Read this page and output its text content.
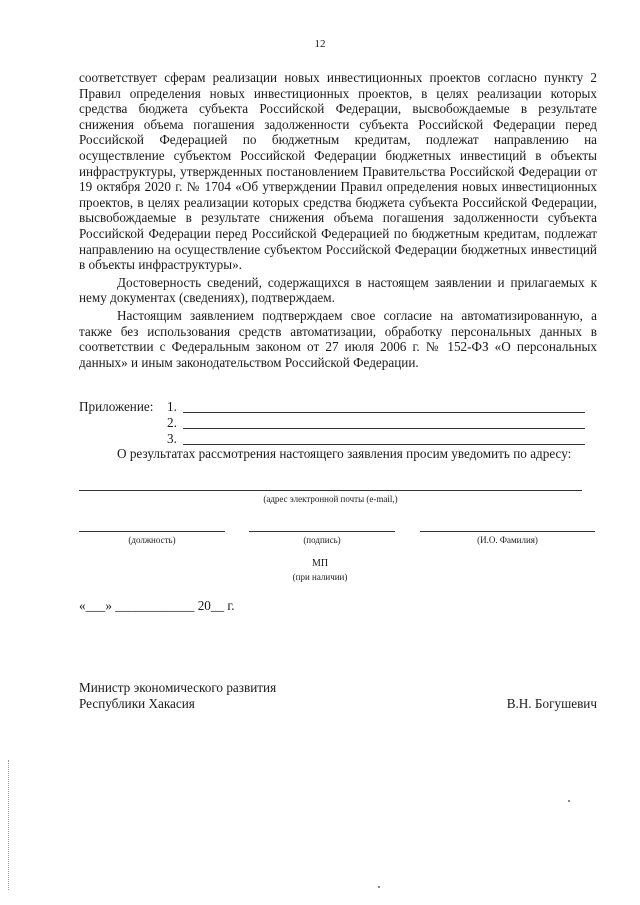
12

соответствует сферам реализации новых инвестиционных проектов согласно пункту 2 Правил определения новых инвестиционных проектов, в целях реализации которых средства бюджета субъекта Российской Федерации, высвобождаемые в результате снижения объема погашения задолженности субъекта Российской Федерации перед Российской Федерацией по бюджетным кредитам, подлежат направлению на осуществление субъектом Российской Федерации бюджетных инвестиций в объекты инфраструктуры, утвержденных постановлением Правительства Российской Федерации от 19 октября 2020 г. № 1704 «Об утверждении Правил определения новых инвестиционных проектов, в целях реализации которых средства бюджета субъекта Российской Федерации, высвобождаемые в результате снижения объема погашения задолженности субъекта Российской Федерации перед Российской Федерацией по бюджетным кредитам, подлежат направлению на осуществление субъектом Российской Федерации бюджетных инвестиций в объекты инфраструктуры».

Достоверность сведений, содержащихся в настоящем заявлении и прилагаемых к нему документах (сведениях), подтверждаем.

Настоящим заявлением подтверждаем свое согласие на автоматизированную, а также без использования средств автоматизации, обработку персональных данных в соответствии с Федеральным законом от 27 июля 2006 г. № 152-ФЗ «О персональных данных» и иным законодательством Российской Федерации.

Приложение: 1.
2.
3.
О результатах рассмотрения настоящего заявления просим уведомить по адресу:
(адрес электронной почты (e-mail,)
(должность)	(подпись)	(И.О. Фамилия)
МП
(при наличии)
«___» ____________ 20__ г.
Министр экономического развития
Республики Хакасия	В.Н. Богушевич
